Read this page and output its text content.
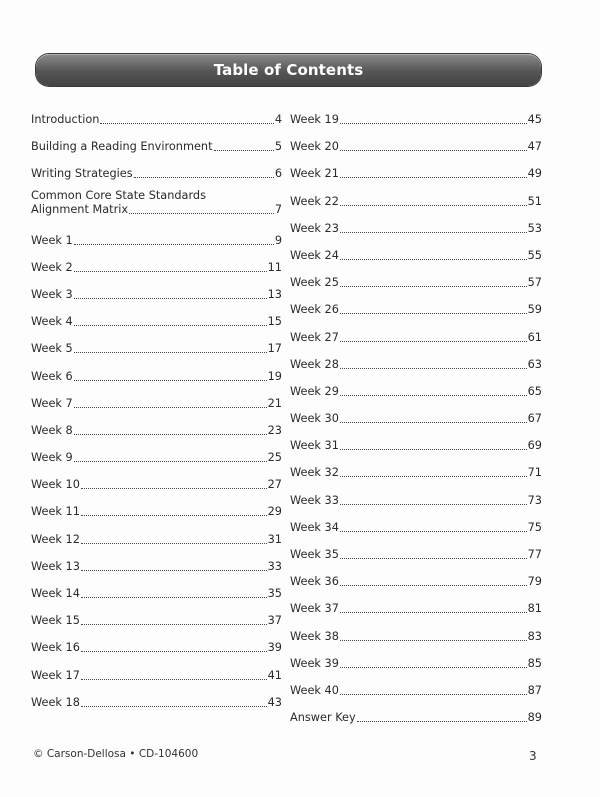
Table of Contents
Introduction	4
Building a Reading Environment	5
Writing Strategies	6
Common Core State Standards
Alignment Matrix	7
Week 1	9
Week 2	11
Week 3	13
Week 4	15
Week 5	17
Week 6	19
Week 7	21
Week 8	23
Week 9	25
Week 10	27
Week 11	29
Week 12	31
Week 13	33
Week 14	35
Week 15	37
Week 16	39
Week 17	41
Week 18	43
Week 19	45
Week 20	47
Week 21	49
Week 22	51
Week 23	53
Week 24	55
Week 25	57
Week 26	59
Week 27	61
Week 28	63
Week 29	65
Week 30	67
Week 31	69
Week 32	71
Week 33	73
Week 34	75
Week 35	77
Week 36	79
Week 37	81
Week 38	83
Week 39	85
Week 40	87
Answer Key	89
© Carson-Dellosa • CD-104600	3
